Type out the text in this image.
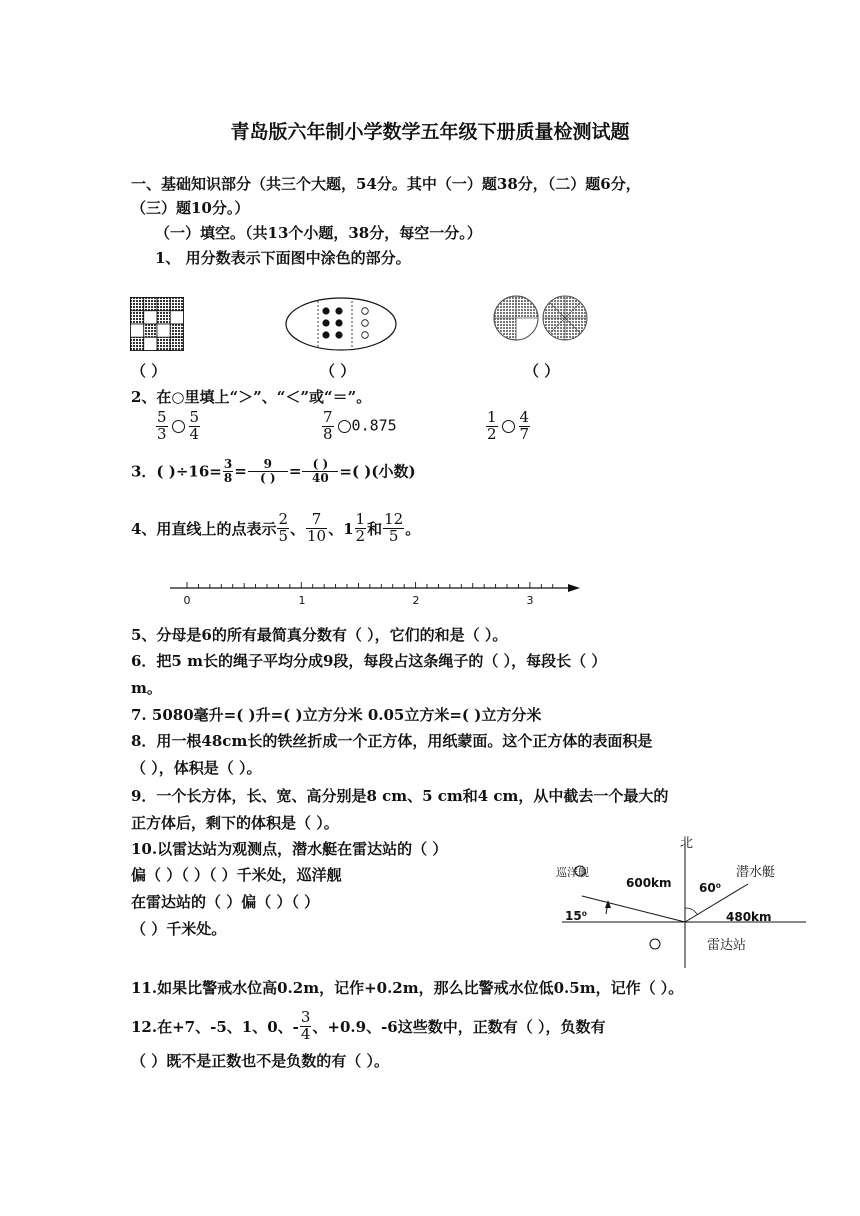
青岛版六年制小学数学五年级下册质量检测试题
一、基础知识部分（共三个大题，54分。其中（一）题38分，（二）题6分，
（三）题10分。）
（一）填空。（共13个小题，38分，每空一分。）
1、 用分数表示下面图中涂色的部分。
（ ）	（ ）	（ ）
2、在○里填上“＞”、“＜”或“＝”。
$\frac{5}{3} \frac{5}{4}$	$\frac{7}{8} 0.875$	$\frac{1}{2} \frac{4}{7}$
3．( )$\div 16= \frac{3}{8} = \frac{9}{( )} = \frac{( )}{40}$ =( )(小数)
4、用直线上的点表示 $\frac{2}{5}$ 、 $\frac{7}{10}$ 、$1 \frac{1}{2}$ 和 $\frac{12}{5}$ 。
0	1	2	3
5、分母是6的所有最简真分数有（ ），它们的和是（ ）。
6．把5 m长的绳子平均分成9段，每段占这条绳子的（ ），每段长（ ）
m。
7. 5080毫升=( )升=( )立方分米 0.05立方米=( )立方分米
8．用一根48cm长的铁丝折成一个正方体，用纸蒙面。这个正方体的表面积是
（ ），体积是（ ）。
9．一个长方体，长、宽、高分别是8 cm、5 cm和4 cm，从中截去一个最大的
正方体后，剩下的体积是（ ）。
10.以雷达站为观测点，潜水艇在雷达站的（ ）
偏（ ）（ ）（ ）千米处，巡洋舰
在雷达站的（ ）偏（ ）（ ）
（ ）千米处。
北
巡洋舰	潜水艇
600km 60⁰
480km
15⁰
雷达站
11.如果比警戒水位高0.2m，记作+0.2m，那么比警戒水位低0.5m，记作（ ）。
12.在+7、-5、1、0、- $\frac{3}{4}$ 、+0.9、-6这些数中，正数有（ ），负数有
（ ）既不是正数也不是负数的有（ ）。
